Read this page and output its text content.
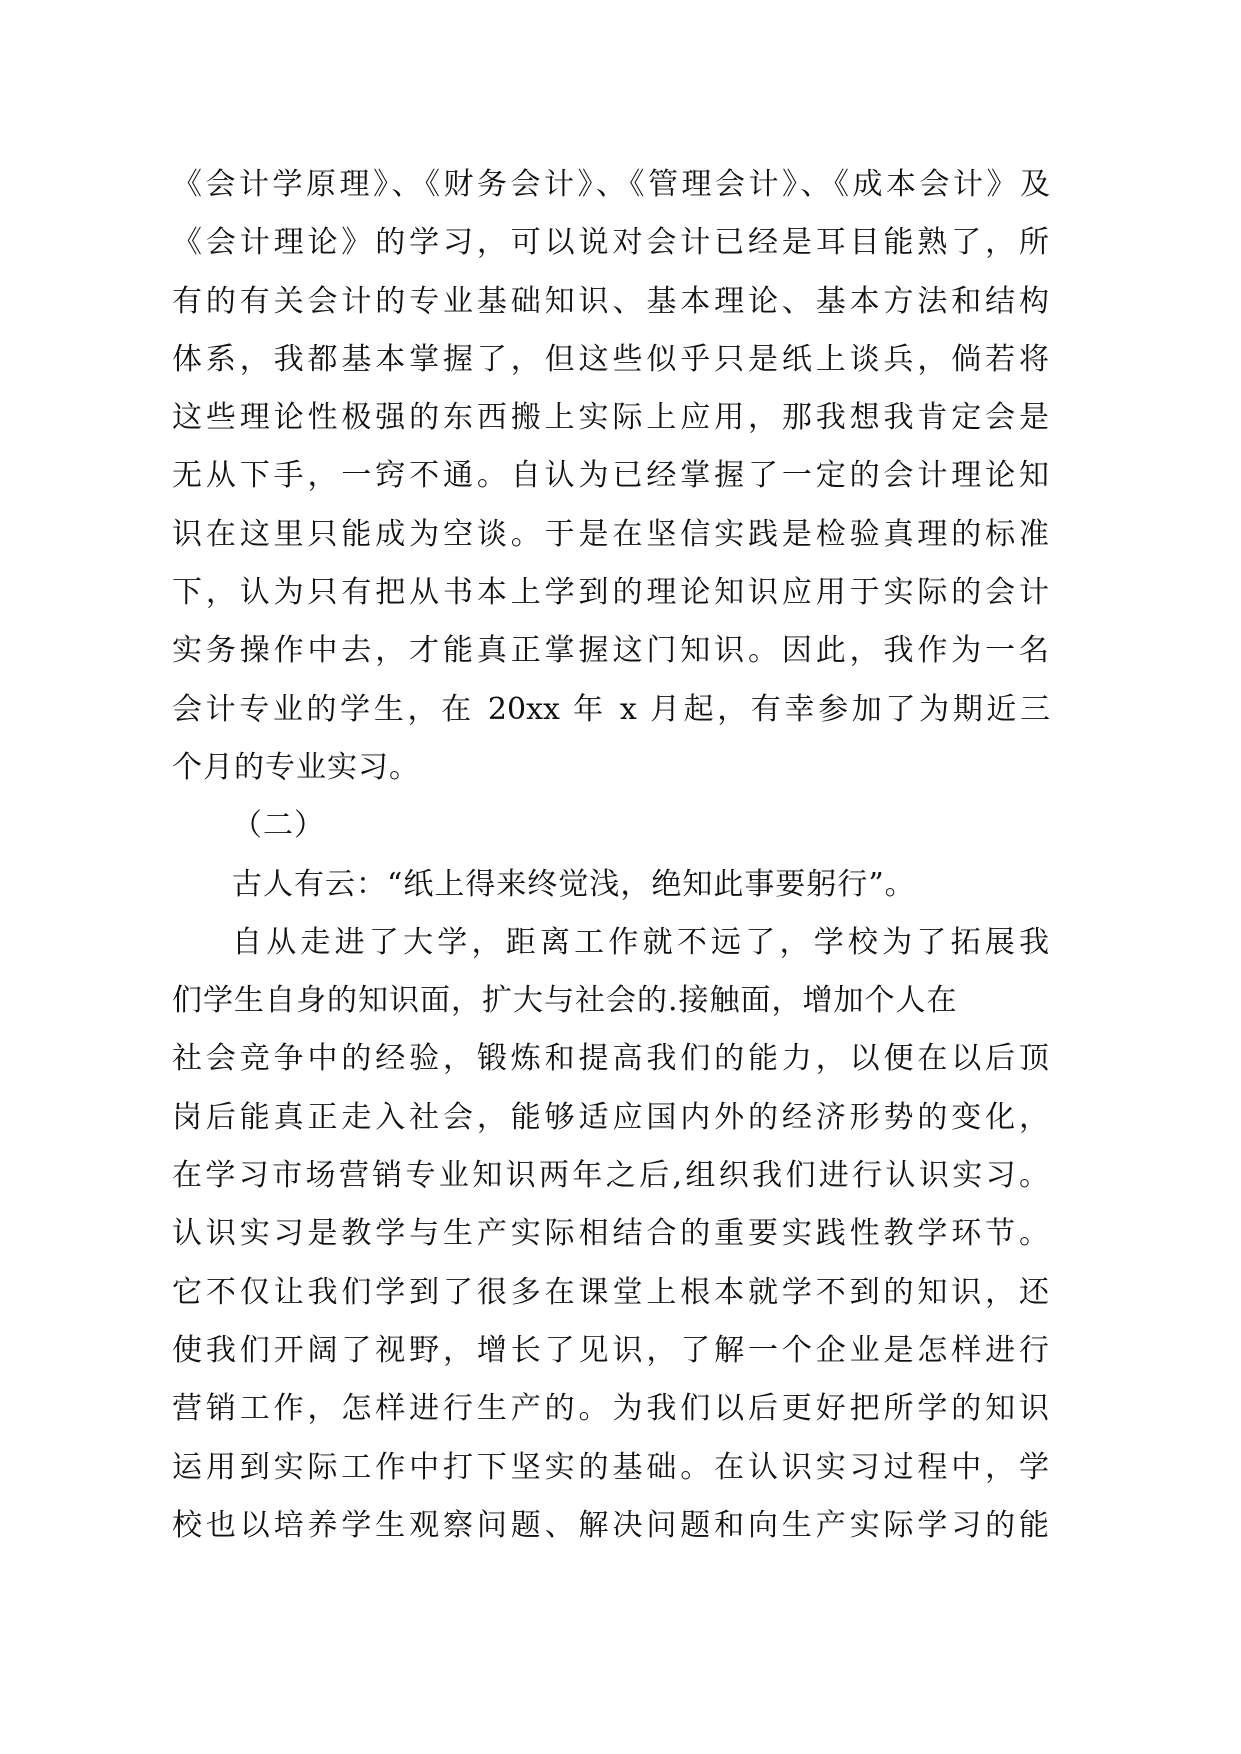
《会计学原理》、《财务会计》、《管理会计》、《成本会计》及
《会计理论》的学习，可以说对会计已经是耳目能熟了，所
有的有关会计的专业基础知识、基本理论、基本方法和结构
体系，我都基本掌握了，但这些似乎只是纸上谈兵，倘若将
这些理论性极强的东西搬上实际上应用，那我想我肯定会是
无从下手，一窍不通。自认为已经掌握了一定的会计理论知
识在这里只能成为空谈。于是在坚信实践是检验真理的标准
下，认为只有把从书本上学到的理论知识应用于实际的会计
实务操作中去，才能真正掌握这门知识。因此，我作为一名
会计专业的学生，在 20xx 年 x 月起，有幸参加了为期近三
个月的专业实习。
（二）
古人有云：“纸上得来终觉浅，绝知此事要躬行”。
自从走进了大学，距离工作就不远了，学校为了拓展我
们学生自身的知识面，扩大与社会的.接触面，增加个人在
社会竞争中的经验，锻炼和提高我们的能力，以便在以后顶
岗后能真正走入社会，能够适应国内外的经济形势的变化，
在学习市场营销专业知识两年之后,组织我们进行认识实习。
认识实习是教学与生产实际相结合的重要实践性教学环节。
它不仅让我们学到了很多在课堂上根本就学不到的知识，还
使我们开阔了视野，增长了见识，了解一个企业是怎样进行
营销工作，怎样进行生产的。为我们以后更好把所学的知识
运用到实际工作中打下坚实的基础。在认识实习过程中，学
校也以培养学生观察问题、解决问题和向生产实际学习的能
